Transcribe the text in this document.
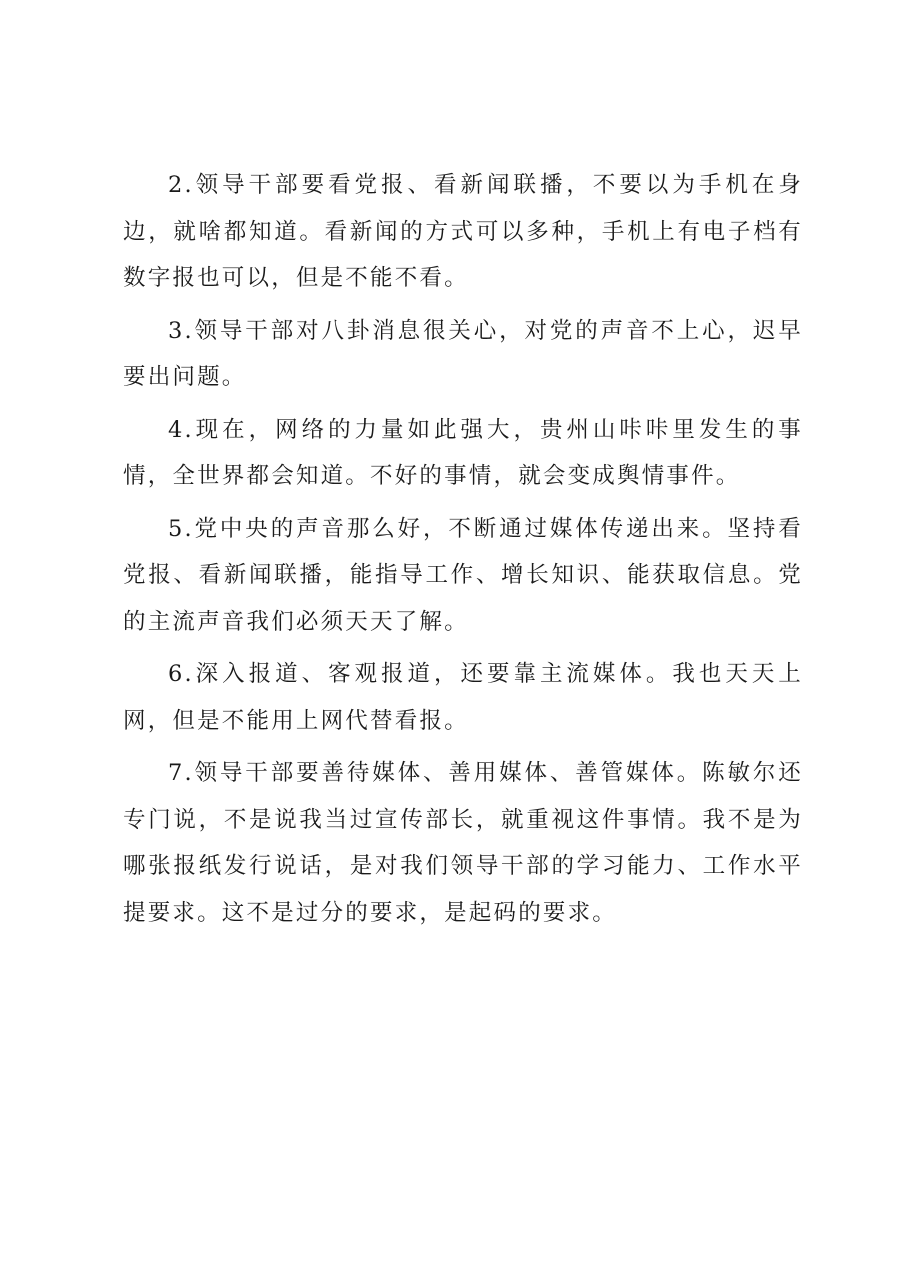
2.领导干部要看党报、看新闻联播，不要以为手机在身边，就啥都知道。看新闻的方式可以多种，手机上有电子档有数字报也可以，但是不能不看。

3.领导干部对八卦消息很关心，对党的声音不上心，迟早要出问题。

4.现在，网络的力量如此强大，贵州山咔咔里发生的事情，全世界都会知道。不好的事情，就会变成舆情事件。

5.党中央的声音那么好，不断通过媒体传递出来。坚持看党报、看新闻联播，能指导工作、增长知识、能获取信息。党的主流声音我们必须天天了解。

6.深入报道、客观报道，还要靠主流媒体。我也天天上网，但是不能用上网代替看报。

7.领导干部要善待媒体、善用媒体、善管媒体。陈敏尔还专门说，不是说我当过宣传部长，就重视这件事情。我不是为哪张报纸发行说话，是对我们领导干部的学习能力、工作水平提要求。这不是过分的要求，是起码的要求。
